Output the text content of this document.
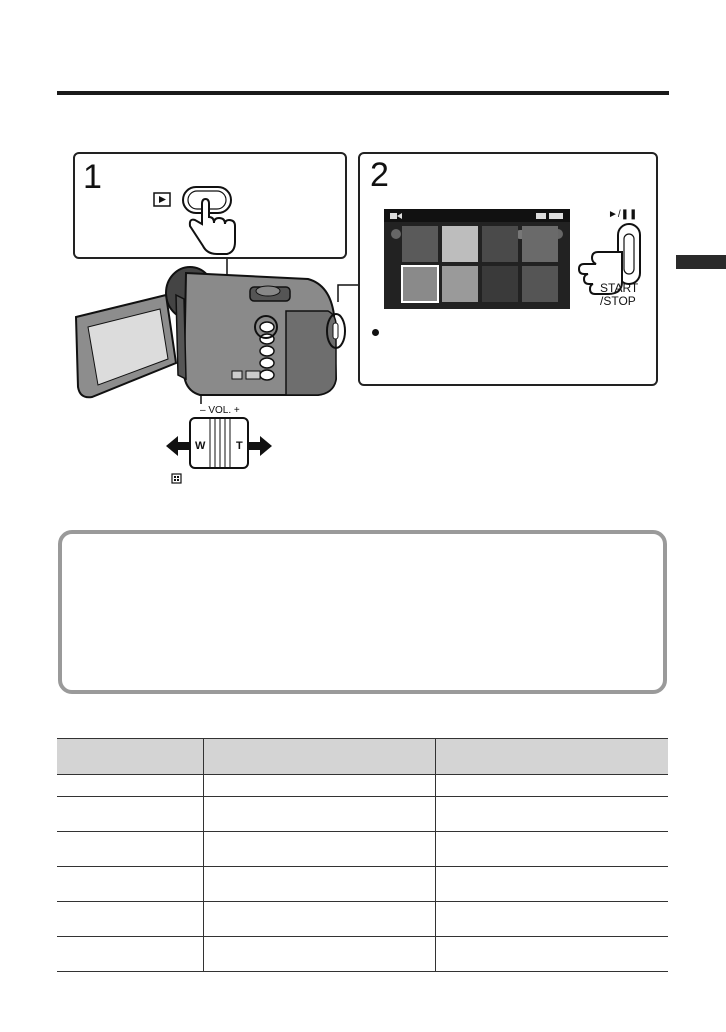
1	2
►/❚❚
START
/STOP
– VOL. +
W	T
